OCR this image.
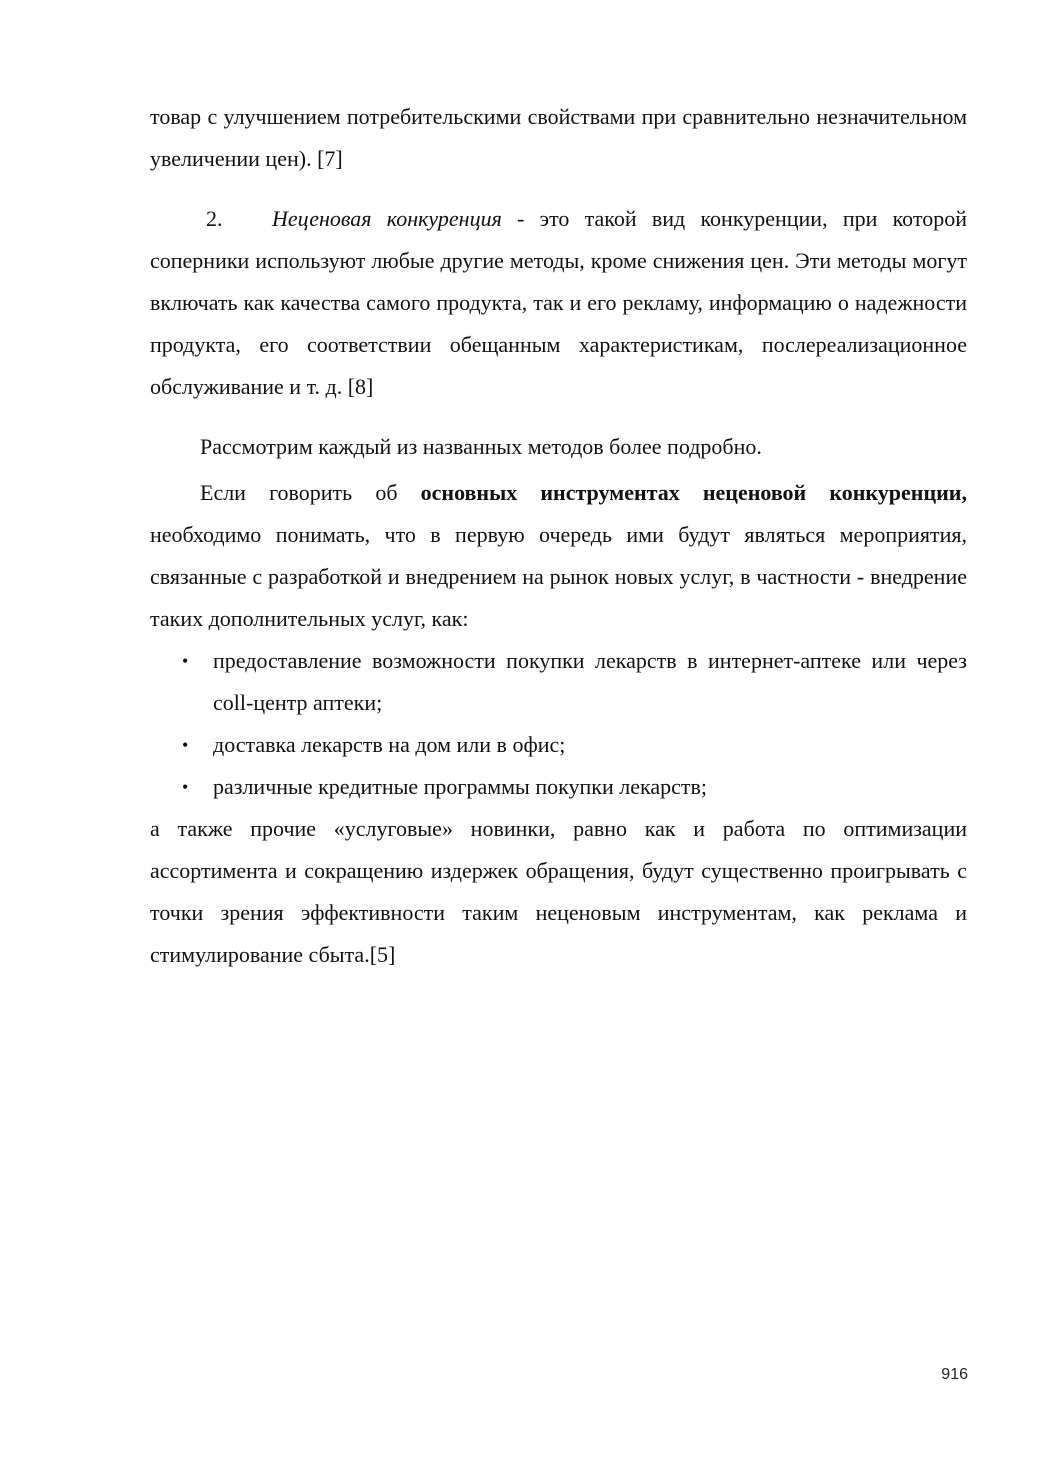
товар с улучшением потребительскими свойствами при сравнительно незначительном увеличении цен). [7]

2. Неценовая конкуренция - это такой вид конкуренции, при которой соперники используют любые другие методы, кроме снижения цен. Эти методы могут включать как качества самого продукта, так и его рекламу, информацию о надежности продукта, его соответствии обещанным характеристикам, послереализационное обслуживание и т. д. [8]

Рассмотрим каждый из названных методов более подробно.

Если говорить об основных инструментах неценовой конкуренции, необходимо понимать, что в первую очередь ими будут являться мероприятия, связанные с разработкой и внедрением на рынок новых услуг, в частности - внедрение таких дополнительных услуг, как:

• предоставление возможности покупки лекарств в интернет-аптеке или через coll-центр аптеки;
• доставка лекарств на дом или в офис;
• различные кредитные программы покупки лекарств;

а также прочие «услуговые» новинки, равно как и работа по оптимизации ассортимента и сокращению издержек обращения, будут существенно проигрывать с точки зрения эффективности таким неценовым инструментам, как реклама и стимулирование сбыта.[5]

916
